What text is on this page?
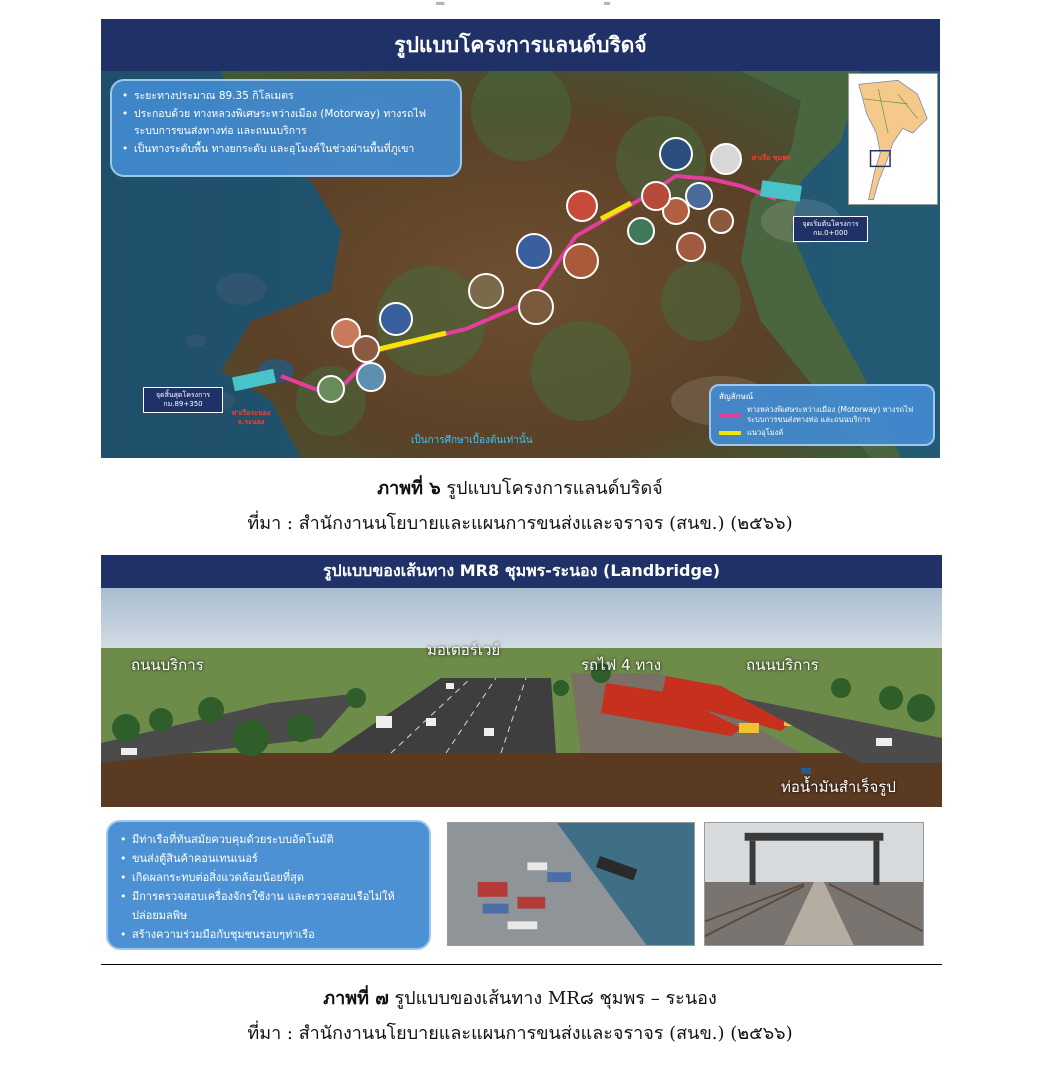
รูปแบบโครงการแลนด์บริดจ์
• ระยะทางประมาณ 89.35 กิโลเมตร
• ประกอบด้วย ทางหลวงพิเศษระหว่างเมือง (Motorway) ทางรถไฟ ระบบการขนส่งทางท่อ และถนนบริการ
• เป็นทางระดับพื้น ทางยกระดับ และอุโมงค์ในช่วงผ่านพื้นที่ภูเขา
จุดสิ้นสุดโครงการ กม.89+350
จุดเริ่มต้นโครงการ กม.0+000
ท่าเรือระนอง จ.ระนอง
ท่าเรือ ชุมพร
สัญลักษณ์
ทางหลวงพิเศษระหว่างเมือง (Motorway) ทางรถไฟ ระบบการขนส่งทางท่อ และถนนบริการ
แนวอุโมงค์
เป็นการศึกษาเบื้องต้นเท่านั้น
ภาพที่ ๖ รูปแบบโครงการแลนด์บริดจ์
ที่มา : สำนักงานนโยบายและแผนการขนส่งและจราจร (สนข.) (๒๕๖๖)
รูปแบบของเส้นทาง MR8 ชุมพร-ระนอง (Landbridge)
ถนนบริการ
มอเตอร์เวย์
รถไฟ 4 ทาง	ถนนบริการ
ท่อน้ำมันสำเร็จรูป
• มีท่าเรือที่ทันสมัยควบคุมด้วยระบบอัตโนมัติ
• ขนส่งตู้สินค้าคอนเทนเนอร์
• เกิดผลกระทบต่อสิ่งแวดล้อมน้อยที่สุด
• มีการตรวจสอบเครื่องจักรใช้งาน และตรวจสอบเรือไม่ให้ปล่อยมลพิษ
• สร้างความร่วมมือกับชุมชนรอบๆท่าเรือ
ภาพที่ ๗ รูปแบบของเส้นทาง MR๘ ชุมพร – ระนอง
ที่มา : สำนักงานนโยบายและแผนการขนส่งและจราจร (สนข.) (๒๕๖๖)
